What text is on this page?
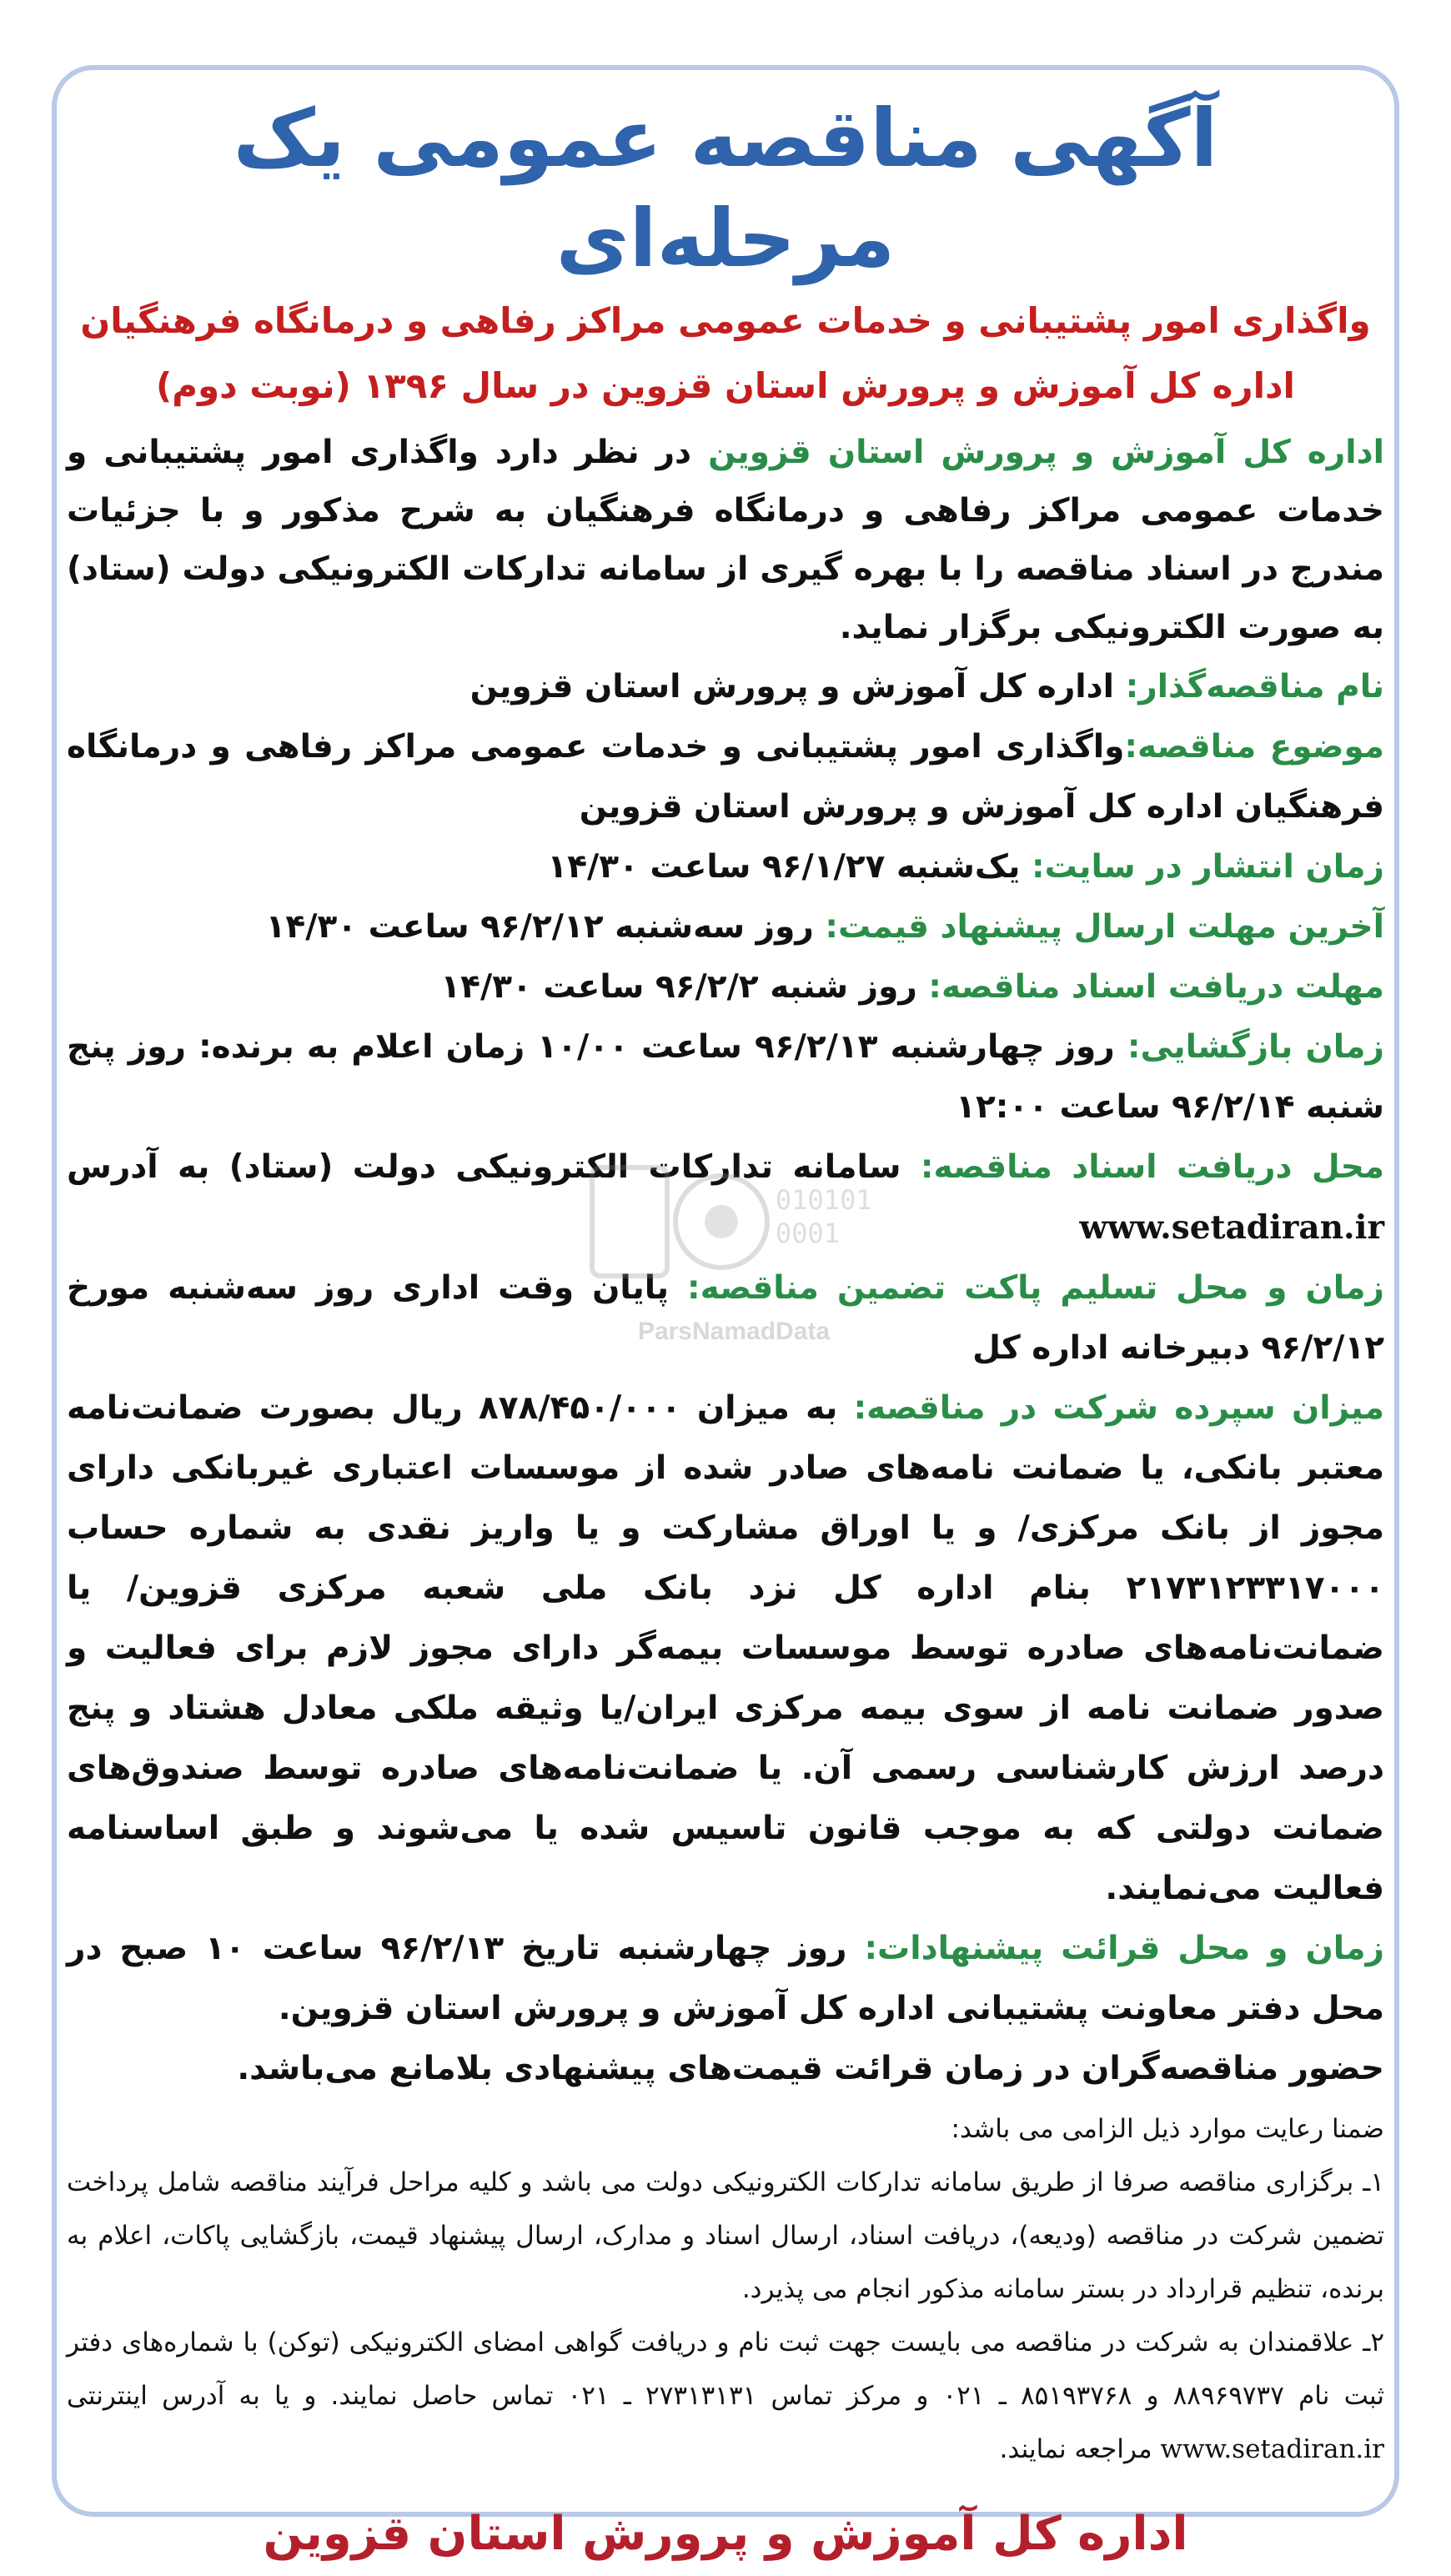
آگهی مناقصه عمومی یک مرحله‌ای

واگذاری امور پشتیبانی و خدمات عمومی مراکز رفاهی و درمانگاه فرهنگیان

اداره کل آموزش و پرورش استان قزوین در سال ۱۳۹۶ (نوبت دوم)

اداره کل آموزش و پرورش استان قزوین در نظر دارد واگذاری امور پشتیبانی و خدمات عمومی مراکز رفاهی و درمانگاه فرهنگیان به شرح مذکور و با جزئیات مندرج در اسناد مناقصه را با بهره گیری از سامانه تدارکات الکترونیکی دولت (ستاد) به صورت الکترونیکی برگزار نماید.

نام مناقصه‌گذار: اداره کل آموزش و پرورش استان قزوین

موضوع مناقصه:واگذاری امور پشتیبانی و خدمات عمومی مراکز رفاهی و درمانگاه فرهنگیان اداره کل آموزش و پرورش استان قزوین

زمان انتشار در سایت: یک‌شنبه ۹۶/۱/۲۷ ساعت ۱۴/۳۰

آخرین مهلت ارسال پیشنهاد قیمت: روز سه‌شنبه ۹۶/۲/۱۲ ساعت ۱۴/۳۰

مهلت دریافت اسناد مناقصه: روز شنبه ۹۶/۲/۲ ساعت ۱۴/۳۰

زمان بازگشایی: روز چهارشنبه ۹۶/۲/۱۳ ساعت ۱۰/۰۰ زمان اعلام به برنده: روز پنج شنبه ۹۶/۲/۱۴ ساعت ۱۲:۰۰

محل دریافت اسناد مناقصه: سامانه تدارکات الکترونیکی دولت (ستاد) به آدرس www.setadiran.ir

زمان و محل تسلیم پاکت تضمین مناقصه: پایان وقت اداری روز سه‌شنبه مورخ ۹۶/۲/۱۲ دبیرخانه اداره کل

میزان سپرده شرکت در مناقصه: به میزان ۸۷۸/۴۵۰/۰۰۰ ریال بصورت ضمانت‌نامه معتبر بانکی، یا ضمانت نامه‌های صادر شده از موسسات اعتباری غیربانکی دارای مجوز از بانک مرکزی/ و یا اوراق مشارکت و یا واریز نقدی به شماره حساب ۲۱۷۳۱۲۳۳۱۷۰۰۰ بنام اداره کل نزد بانک ملی شعبه مرکزی قزوین/ یا ضمانت‌نامه‌های صادره توسط موسسات بیمه‌گر دارای مجوز لازم برای فعالیت و صدور ضمانت نامه از سوی بیمه مرکزی ایران/یا وثیقه ملکی معادل هشتاد و پنج درصد ارزش کارشناسی رسمی آن. یا ضمانت‌نامه‌های صادره توسط صندوق‌های ضمانت دولتی که به موجب قانون تاسیس شده یا می‌شوند و طبق اساسنامه فعالیت می‌نمایند.

زمان و محل قرائت پیشنهادات: روز چهارشنبه تاریخ ۹۶/۲/۱۳ ساعت ۱۰ صبح در محل دفتر معاونت پشتیبانی اداره کل آموزش و پرورش استان قزوین.

حضور مناقصه‌گران در زمان قرائت قیمت‌های پیشنهادی بلامانع می‌باشد.

ضمنا رعایت موارد ذیل الزامی می باشد:

۱ـ برگزاری مناقصه صرفا از طریق سامانه تدارکات الکترونیکی دولت می باشد و کلیه مراحل فرآیند مناقصه شامل پرداخت تضمین شرکت در مناقصه (ودیعه)، دریافت اسناد، ارسال اسناد و مدارک، ارسال پیشنهاد قیمت، بازگشایی پاکات، اعلام به برنده، تنظیم قرارداد در بستر سامانه مذکور انجام می پذیرد.

۲ـ علاقمندان به شرکت در مناقصه می بایست جهت ثبت نام و دریافت گواهی امضای الکترونیکی (توکن) با شماره‌های دفتر ثبت نام ۸۸۹۶۹۷۳۷ و ۸۵۱۹۳۷۶۸ ـ ۰۲۱ و مرکز تماس ۲۷۳۱۳۱۳۱ ـ ۰۲۱ تماس حاصل نمایند. و یا به آدرس اینترنتی www.setadiran.ir مراجعه نمایند.

اداره کل آموزش و پرورش استان قزوین
010101
0001
ParsNamadData
